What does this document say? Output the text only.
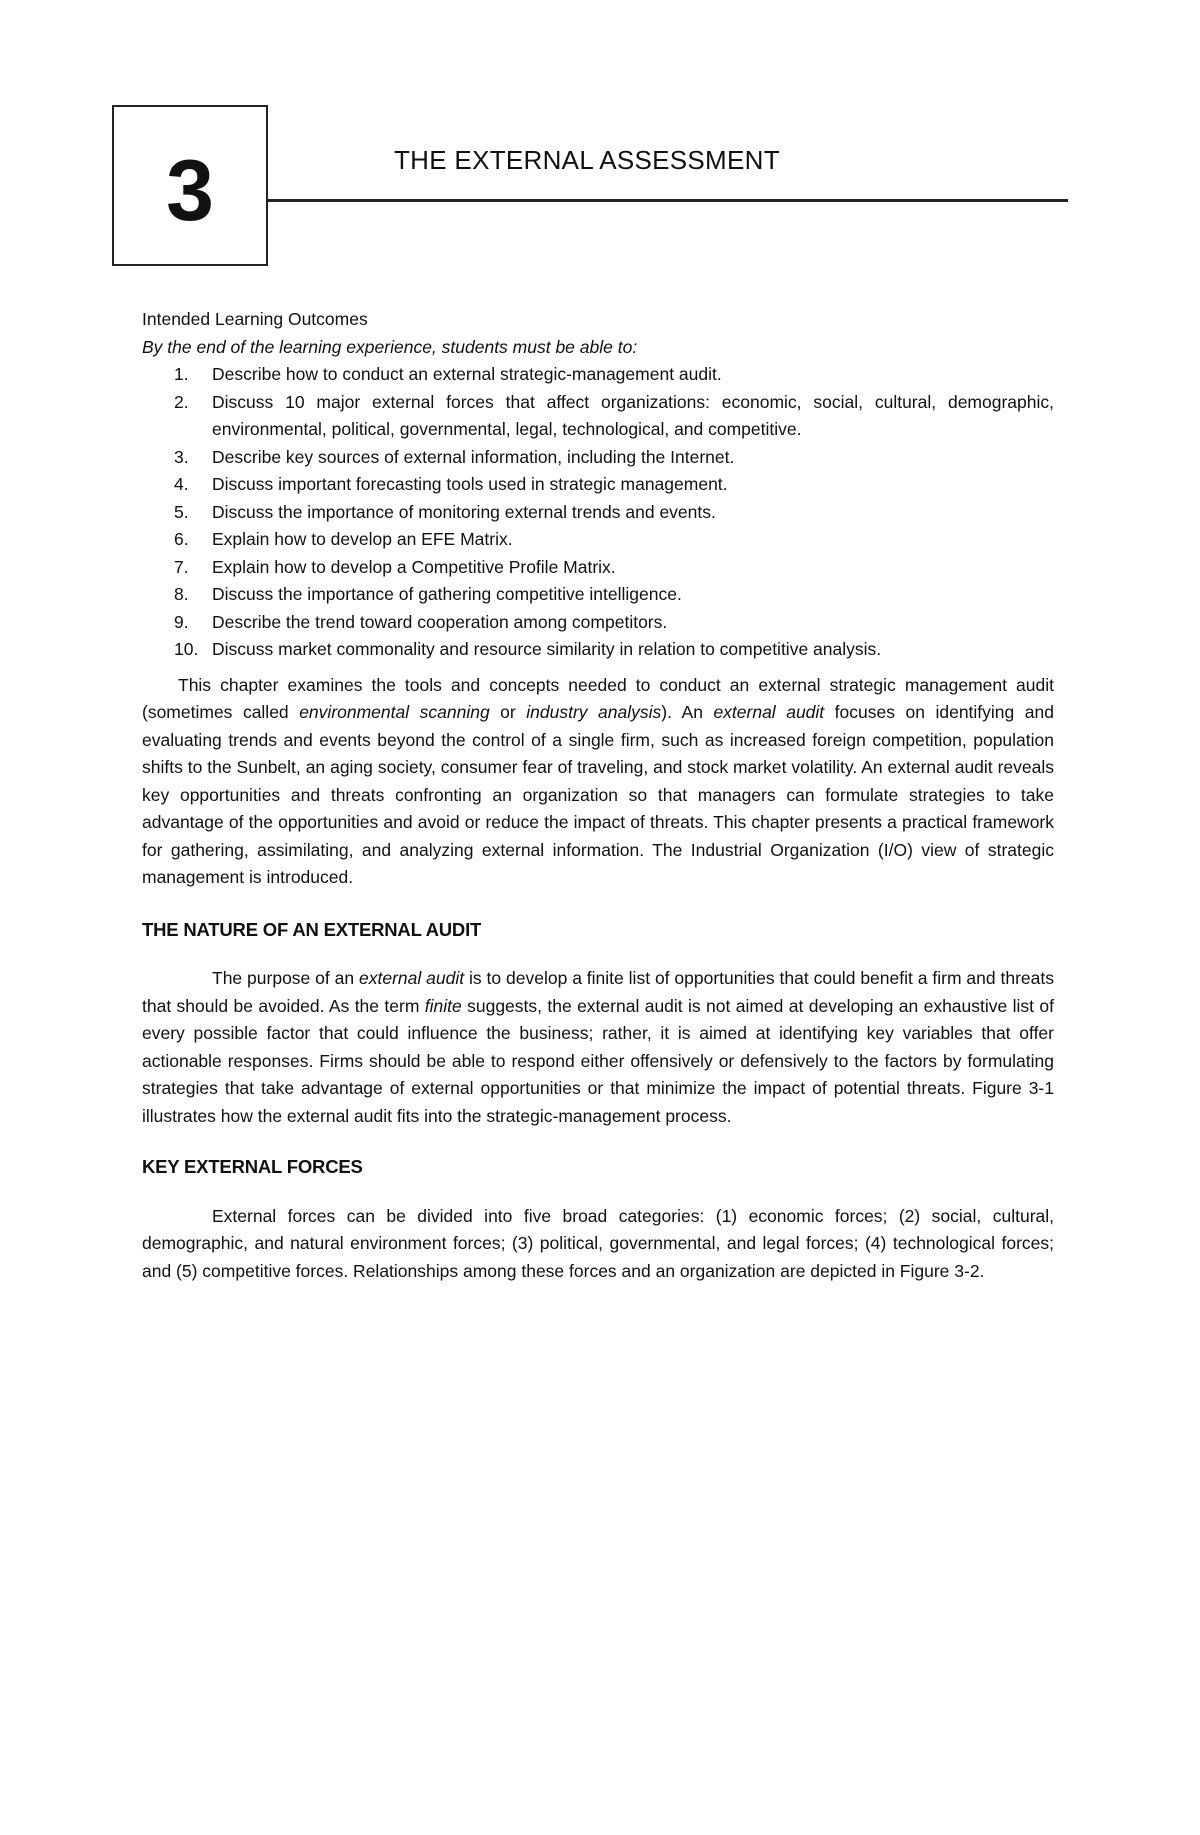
3	THE EXTERNAL ASSESSMENT
Intended Learning Outcomes
By the end of the learning experience, students must be able to:
1. Describe how to conduct an external strategic-management audit.
2. Discuss 10 major external forces that affect organizations: economic, social, cultural, demographic, environmental, political, governmental, legal, technological, and competitive.
3. Describe key sources of external information, including the Internet.
4. Discuss important forecasting tools used in strategic management.
5. Discuss the importance of monitoring external trends and events.
6. Explain how to develop an EFE Matrix.
7. Explain how to develop a Competitive Profile Matrix.
8. Discuss the importance of gathering competitive intelligence.
9. Describe the trend toward cooperation among competitors.
10. Discuss market commonality and resource similarity in relation to competitive analysis.

This chapter examines the tools and concepts needed to conduct an external strategic management audit (sometimes called environmental scanning or industry analysis). An external audit focuses on identifying and evaluating trends and events beyond the control of a single firm, such as increased foreign competition, population shifts to the Sunbelt, an aging society, consumer fear of traveling, and stock market volatility. An external audit reveals key opportunities and threats confronting an organization so that managers can formulate strategies to take advantage of the opportunities and avoid or reduce the impact of threats. This chapter presents a practical framework for gathering, assimilating, and analyzing external information. The Industrial Organization (I/O) view of strategic management is introduced.

THE NATURE OF AN EXTERNAL AUDIT

The purpose of an external audit is to develop a finite list of opportunities that could benefit a firm and threats that should be avoided. As the term finite suggests, the external audit is not aimed at developing an exhaustive list of every possible factor that could influence the business; rather, it is aimed at identifying key variables that offer actionable responses. Firms should be able to respond either offensively or defensively to the factors by formulating strategies that take advantage of external opportunities or that minimize the impact of potential threats. Figure 3-1 illustrates how the external audit fits into the strategic-management process.

KEY EXTERNAL FORCES

External forces can be divided into five broad categories: (1) economic forces; (2) social, cultural, demographic, and natural environment forces; (3) political, governmental, and legal forces; (4) technological forces; and (5) competitive forces. Relationships among these forces and an organization are depicted in Figure 3-2.
